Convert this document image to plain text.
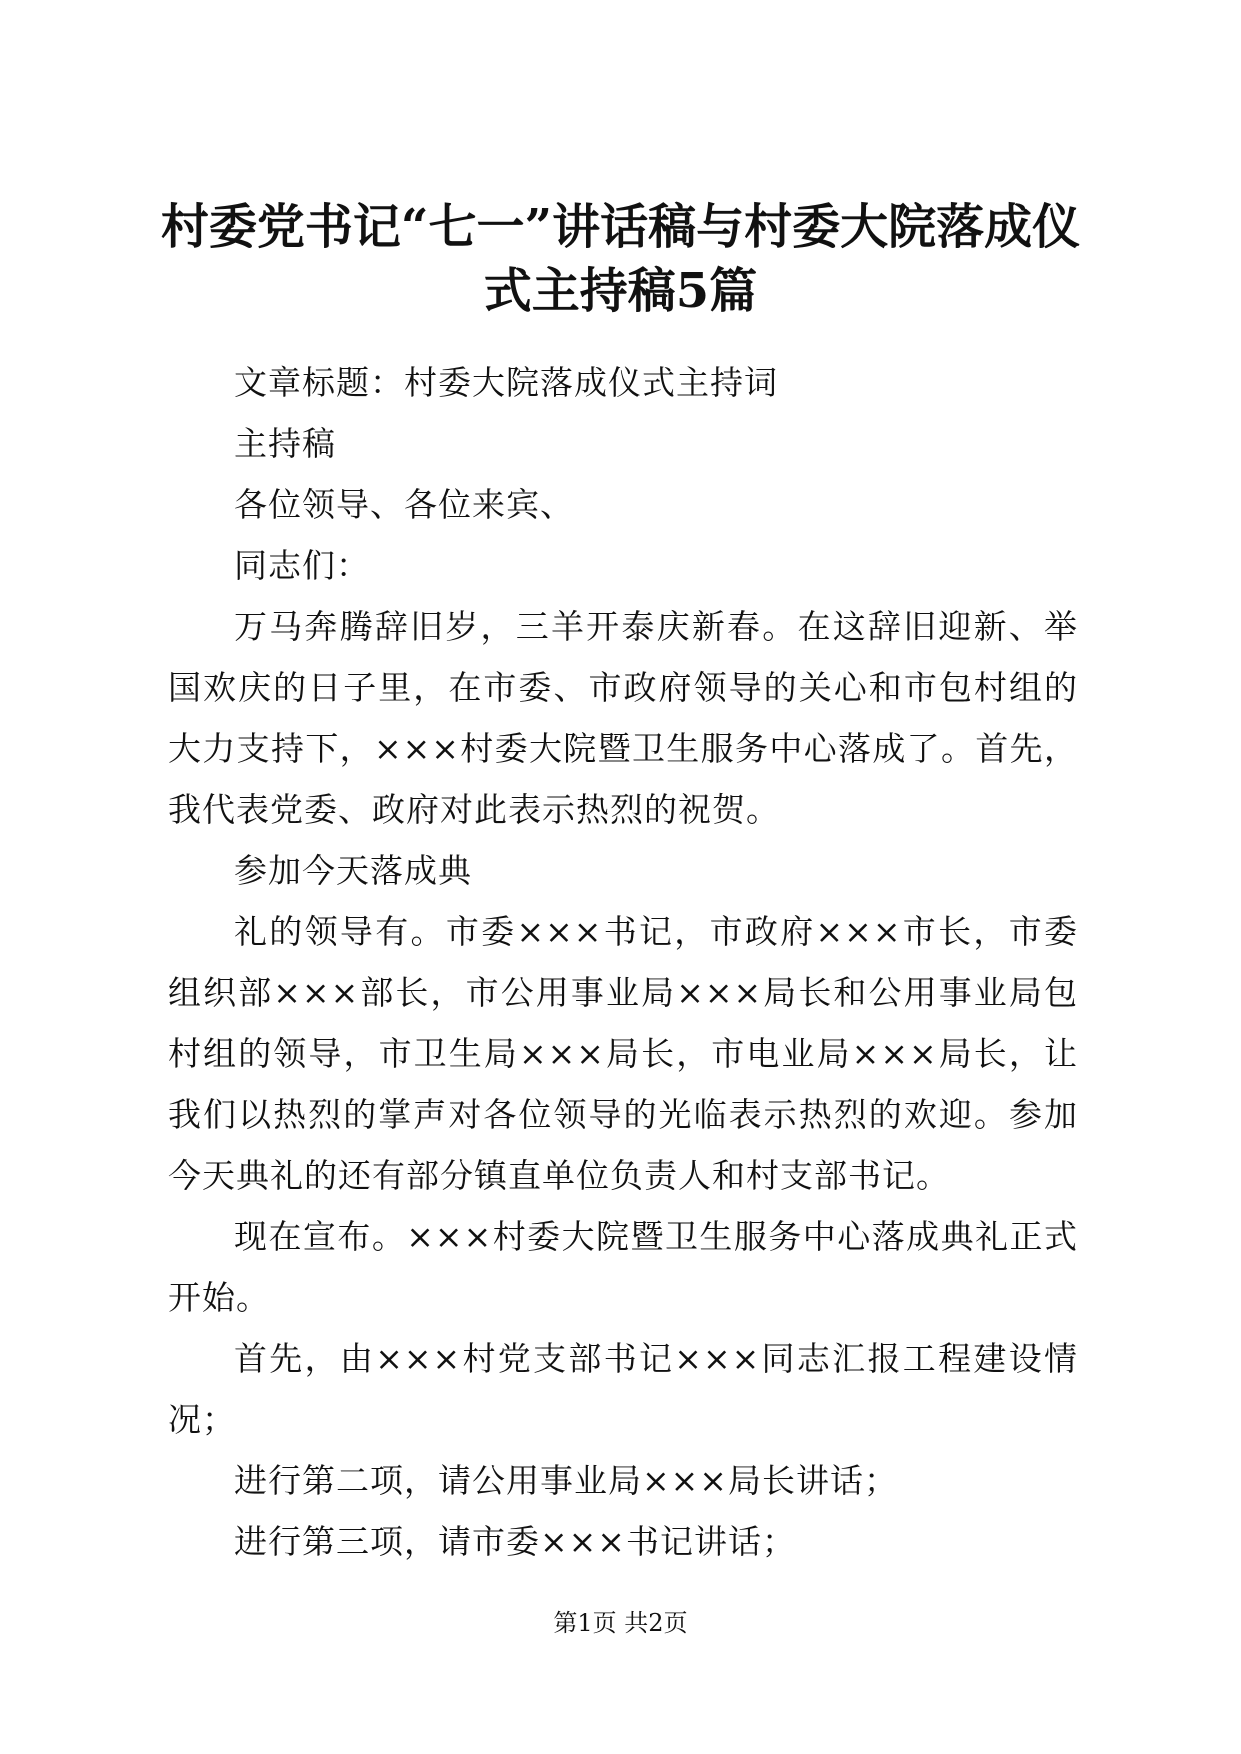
村委党书记“七一”讲话稿与村委大院落成仪式主持稿5篇

文章标题：村委大院落成仪式主持词

主持稿

各位领导、各位来宾、

同志们：

万马奔腾辞旧岁，三羊开泰庆新春。在这辞旧迎新、举国欢庆的日子里，在市委、市政府领导的关心和市包村组的大力支持下，×××村委大院暨卫生服务中心落成了。首先，我代表党委、政府对此表示热烈的祝贺。

参加今天落成典

礼的领导有。市委×××书记，市政府×××市长，市委组织部×××部长，市公用事业局×××局长和公用事业局包村组的领导，市卫生局×××局长，市电业局×××局长，让我们以热烈的掌声对各位领导的光临表示热烈的欢迎。参加今天典礼的还有部分镇直单位负责人和村支部书记。

现在宣布。×××村委大院暨卫生服务中心落成典礼正式开始。

首先，由×××村党支部书记×××同志汇报工程建设情况；

进行第二项，请公用事业局×××局长讲话；

进行第三项，请市委×××书记讲话；

第1页 共2页
